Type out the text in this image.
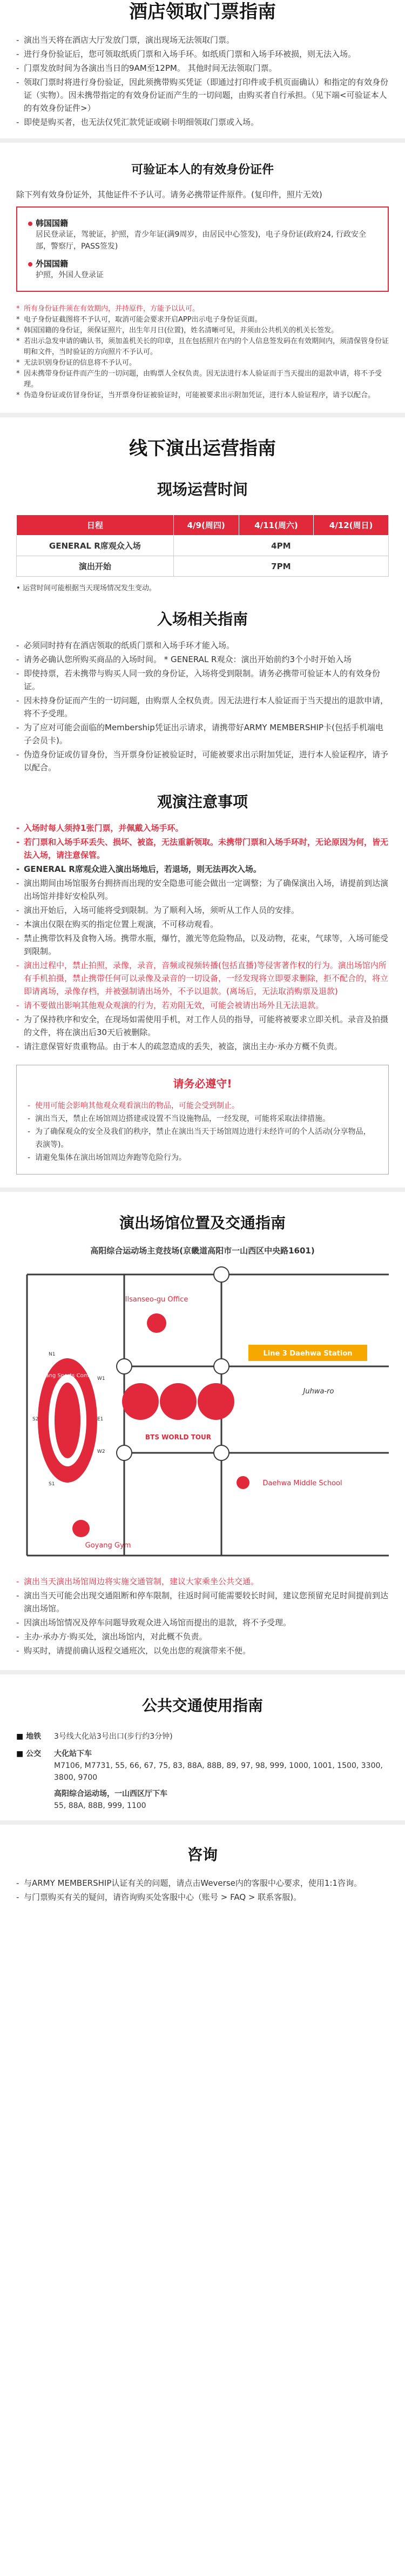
酒店领取门票指南
- 演出当天将在酒店大厅发放门票，演出现场无法领取门票。
- 进行身份验证后，您可领取纸质门票和入场手环。如纸质门票和入场手环被损，则无法入场。
- 门票发放时间为各演出当日的9AM至12PM。 其他时间无法领取门票。
- 领取门票时将进行身份验证，因此须携带购买凭证（即通过打印件或手机页面确认）和指定的有效身份证（实物）。因未携带指定的有效身份证而产生的一切问题，由购买者自行承担。（见下端<可验证本人的有效身份证件>）
- 即使是购买者，也无法仅凭汇款凭证或刷卡明细领取门票或入场。
可验证本人的有效身份证件

除下列有效身份证外，其他证件不予认可。请务必携带证件原件。(复印件，照片无效)

韩国国籍

居民登录证，驾驶证，护照，青少年证(满9周岁，由居民中心签发)，电子身份证(政府24, 行政安全部，警察厅，PASS签发)

外国国籍

护照，外国人登录证

* 所有身份证件须在有效期内，并持原件，方能予以认可。
* 电子身份证截图将不予认可，取消可能会要求开启APP出示电子身份证页面。
* 韩国国籍的身份证，须保证照片，出生年月日(位置)，姓名清晰可见，并须由公共机关的机关长签发。
* 若出示急发申请的确认书，须加盖机关长的印章，且在包括照片在内的个人信息签发码在有效期间内，须清保管身份证明和文件，当时验证的方向照片不予认可。
* 无法识别身份证的信息将不予认可。
* 因未携带身份证件而产生的一切问题，由购票人全权负责。因无法进行本人验证而于当天提出的退款申请，将不予受理。
* 伪造身份证或仿冒身份证，当开票身份证被验证时，可能被要求出示附加凭证，进行本人验证程序，请予以配合。
线下演出运营指南
现场运营时间
日程	4/9(周四)	4/11(周六)	4/12(周日)
GENERAL R席观众入场	4PM		
演出开始	7PM		

• 运营时间可能根据当天现场情况发生变动。

入场相关指南
- 必须同时持有在酒店领取的纸质门票和入场手环才能入场。
- 请务必确认您所购买商品的入场时间。 * GENERAL R观众：演出开始前约3个小时开始入场
- 即使持票，若未携带与购买人同一致的身份证，入场将受到限制。请务必携带可验证本人的有效身份证。
- 因未持身份证而产生的一切问题，由购票人全权负责。因无法进行本人验证而于当天提出的退款申请，将不予受理。
- 为了应对可能会面临的Membership凭证出示请求，请携带好ARMY MEMBERSHIP卡(包括手机端电子会员卡)。
- 伪造身份证或仿冒身份，当开票身份证被验证时，可能被要求出示附加凭证，进行本人验证程序，请予以配合。
观演注意事项
- 入场时每人须持1张门票，并佩戴入场手环。
- 若门票和入场手环丢失、损坏、被盗，无法重新领取。未携带门票和入场手环时，无论原因为何，皆无法入场，请注意保管。
- GENERAL R席观众进入演出场地后，若退场，则无法再次入场。
- 演出期间由场馆服务台拥挤而出现的安全隐患可能会做出一定调整；为了确保演出入场，请提前到达演出场馆并排好安检队列。
- 演出开始后，入场可能将受到限制。为了顺利入场，须听从工作人员的安排。
- 本演出仅限在购买的指定位置上观演，不可移动观看。
- 禁止携带饮料及食物入场。携带水瓶，爆竹，激光等危险物品，以及动物，花束，气球等，入场可能受到限制。
- 演出过程中，禁止拍照，录像，录音，音频或视频转播(包括直播)等侵害著作权的行为。演出场馆内所有手机拍摄，禁止携带任何可以录像及录音的一切设备，一经发现将立即要求删除，拒不配合的，将立即请离场，录像存档，并被强制请出场外，不予以退款。(离场后，无法取消购票及退款)
- 请不要做出影响其他观众观演的行为，若劝阻无效，可能会被请出场外且无法退款。
- 为了保持秩序和安全，在现场如需使用手机，对工作人员的指导，可能将被要求立即关机。录音及拍摄的文件，将在演出后30天后被删除。
- 请注意保管好贵重物品。由于本人的疏忽造成的丢失，被盗，演出主办·承办方概不负责。
请务必遵守!
- 使用可能会影响其他观众观看演出的物品，可能会受到制止。
- 演出当天，禁止在场馆周边搭建或设置不当设施物品，一经发现，可能将采取法律措施。
- 为了确保观众的安全及我们的秩序，禁止在演出当天于场馆周边进行未经许可的个人活动(分享物品，表演等)。
- 请避免集体在演出场馆周边奔跑等危险行为。
演出场馆位置及交通指南

高阳综合运动场主竞技场(京畿道高阳市一山西区中央路1601)

Goyang Sports Complex
BTS WORLD TOUR
Ilsanseo-gu Office
Line 3 Daehwa Station
Juhwa-ro
Daehwa Middle School
Goyang Gym
W1
W2
N1
E1
S1
S2
- 演出当天演出场馆周边将实施交通管制，建议大家乘坐公共交通。
- 演出当天可能会出现交通阻断和停车限制，往返时间可能需要较长时间，建议您预留充足时间提前到达演出场馆。
- 因演出场馆情况及停车问题导致观众进入场馆而提出的退款，将不予受理。
- 主办·承办方·购买处，演出场馆内，对此概不负责。
- 购买时，请提前确认返程交通班次，以免出您的观演带来不便。
公共交通使用指南
■ 地铁	3号线大化站3号出口(步行约3分钟)
■ 公交	大化站下车
M7106, M7731, 55, 66, 67, 75, 83, 88A, 88B, 89, 97, 98, 999, 1000, 1001, 1500, 3300, 3800, 9700
高阳综合运动场，一山西区厅下车
55, 88A, 88B, 999, 1100
咨询
- 与ARMY MEMBERSHIP认证有关的问题，请点击Weverse内的客服中心要求，使用1:1咨询。
- 与门票购买有关的疑问，请咨询购买处客服中心（账号 > FAQ > 联系客服)。
